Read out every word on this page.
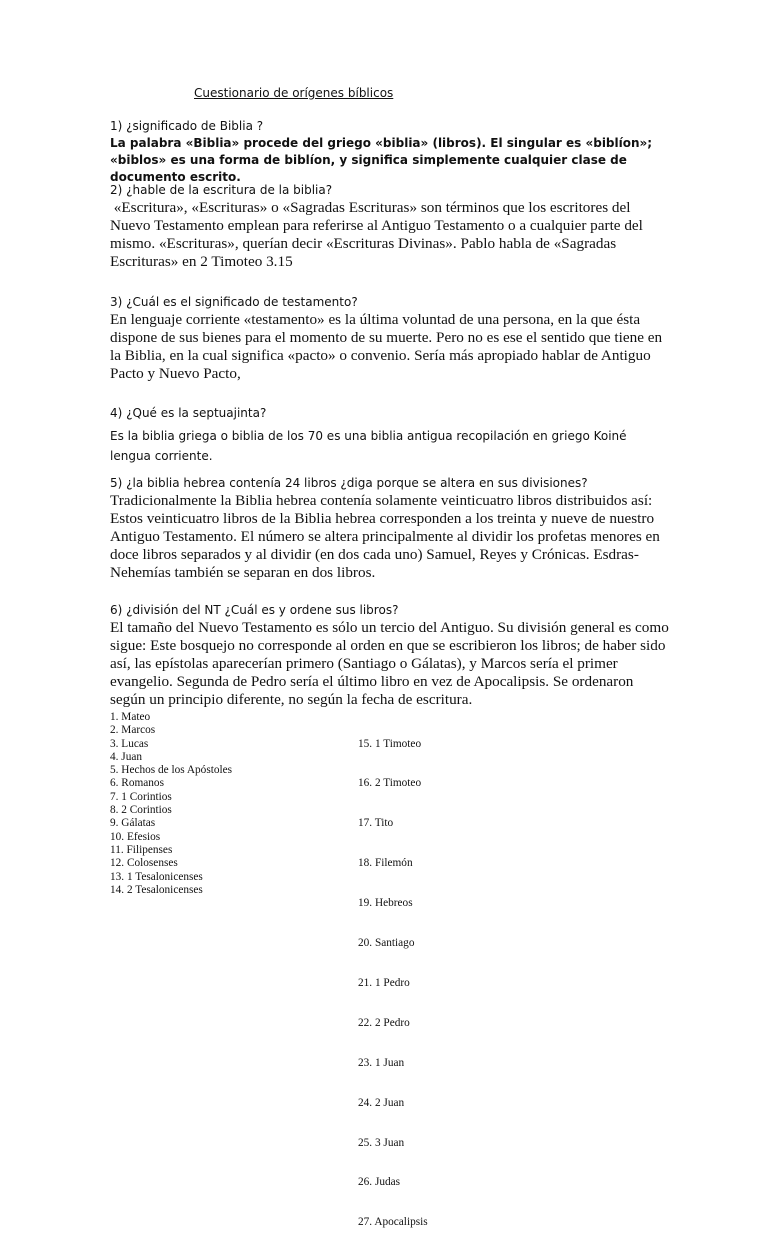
Cuestionario de orígenes bíblicos
1) ¿significado de Biblia ?
La palabra «Biblia» procede del griego «biblia» (libros). El singular es «biblíon»; «biblos» es una forma de biblíon, y significa simplemente cualquier clase de documento escrito.
2) ¿hable de la escritura de la biblia?
«Escritura», «Escrituras» o «Sagradas Escrituras» son términos que los escritores del Nuevo Testamento emplean para referirse al Antiguo Testamento o a cualquier parte del mismo. «Escrituras», querían decir «Escrituras Divinas». Pablo habla de «Sagradas Escrituras» en 2 Timoteo 3.15
3) ¿Cuál es el significado de testamento?
En lenguaje corriente «testamento» es la última voluntad de una persona, en la que ésta dispone de sus bienes para el momento de su muerte. Pero no es ese el sentido que tiene en la Biblia, en la cual significa «pacto» o convenio. Sería más apropiado hablar de Antiguo Pacto y Nuevo Pacto,
4) ¿Qué es la septuajinta?
Es la biblia griega o biblia de los 70 es una biblia antigua recopilación en griego Koiné lengua corriente.
5) ¿la biblia hebrea contenía 24 libros ¿diga porque se altera en sus divisiones?
Tradicionalmente la Biblia hebrea contenía solamente veinticuatro libros distribuidos así: Estos veinticuatro libros de la Biblia hebrea corresponden a los treinta y nueve de nuestro Antiguo Testamento. El número se altera principalmente al dividir los profetas menores en doce libros separados y al dividir (en dos cada uno) Samuel, Reyes y Crónicas. Esdras-Nehemías también se separan en dos libros.
6) ¿división del NT ¿Cuál es y ordene sus libros?
El tamaño del Nuevo Testamento es sólo un tercio del Antiguo. Su división general es como sigue: Este bosquejo no corresponde al orden en que se escribieron los libros; de haber sido así, las epístolas aparecerían primero (Santiago o Gálatas), y Marcos sería el primer evangelio. Segunda de Pedro sería el último libro en vez de Apocalipsis. Se ordenaron según un principio diferente, no según la fecha de escritura.
1. Mateo
2. Marcos
3. Lucas
4. Juan
5. Hechos de los Apóstoles
6. Romanos
7. 1 Corintios
8. 2 Corintios
9. Gálatas
10. Efesios
11. Filipenses
12. Colosenses
13. 1 Tesalonicenses
14. 2 Tesalonicenses

15. 1 Timoteo

16. 2 Timoteo

17. Tito

18. Filemón

19. Hebreos

20. Santiago

21. 1 Pedro

22. 2 Pedro

23. 1 Juan

24. 2 Juan

25. 3 Juan

26. Judas

27. Apocalipsis
